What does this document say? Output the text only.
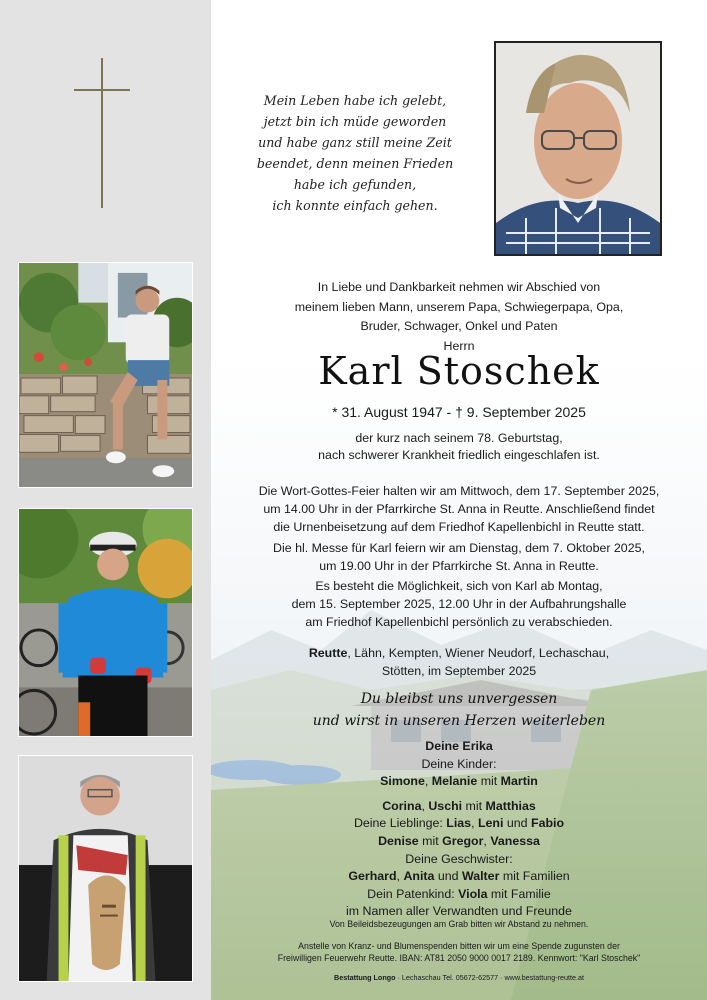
Mein Leben habe ich gelebt,
jetzt bin ich müde geworden
und habe ganz still meine Zeit
beendet, denn meinen Frieden
habe ich gefunden,
ich konnte einfach gehen.
In Liebe und Dankbarkeit nehmen wir Abschied von
meinem lieben Mann, unserem Papa, Schwiegerpapa, Opa,
Bruder, Schwager, Onkel und Paten
Herrn
Karl Stoschek
* 31. August 1947 - † 9. September 2025
der kurz nach seinem 78. Geburtstag,
nach schwerer Krankheit friedlich eingeschlafen ist.
Die Wort-Gottes-Feier halten wir am Mittwoch, dem 17. September 2025,
um 14.00 Uhr in der Pfarrkirche St. Anna in Reutte. Anschließend findet
die Urnenbeisetzung auf dem Friedhof Kapellenbichl in Reutte statt.
Die hl. Messe für Karl feiern wir am Dienstag, dem 7. Oktober 2025,
um 19.00 Uhr in der Pfarrkirche St. Anna in Reutte.
Es besteht die Möglichkeit, sich von Karl ab Montag,
dem 15. September 2025, 12.00 Uhr in der Aufbahrungshalle
am Friedhof Kapellenbichl persönlich zu verabschieden.
Reutte, Lähn, Kempten, Wiener Neudorf, Lechaschau,
Stötten, im September 2025
Du bleibst uns unvergessen
und wirst in unseren Herzen weiterleben
Deine Erika
Deine Kinder:
Simone, Melanie mit Martin
Corina, Uschi mit Matthias
Deine Lieblinge: Lias, Leni und Fabio
Denise mit Gregor, Vanessa
Deine Geschwister:
Gerhard, Anita und Walter mit Familien
Dein Patenkind: Viola mit Familie
im Namen aller Verwandten und Freunde
Von Beileidsbezeugungen am Grab bitten wir Abstand zu nehmen.
Anstelle von Kranz- und Blumenspenden bitten wir um eine Spende zugunsten der
Freiwilligen Feuerwehr Reutte. IBAN: AT81 2050 9000 0017 2189. Kennwort: "Karl Stoschek"
Bestattung Longo · Lechaschau Tel. 05672-62577 · www.bestattung-reutte.at
